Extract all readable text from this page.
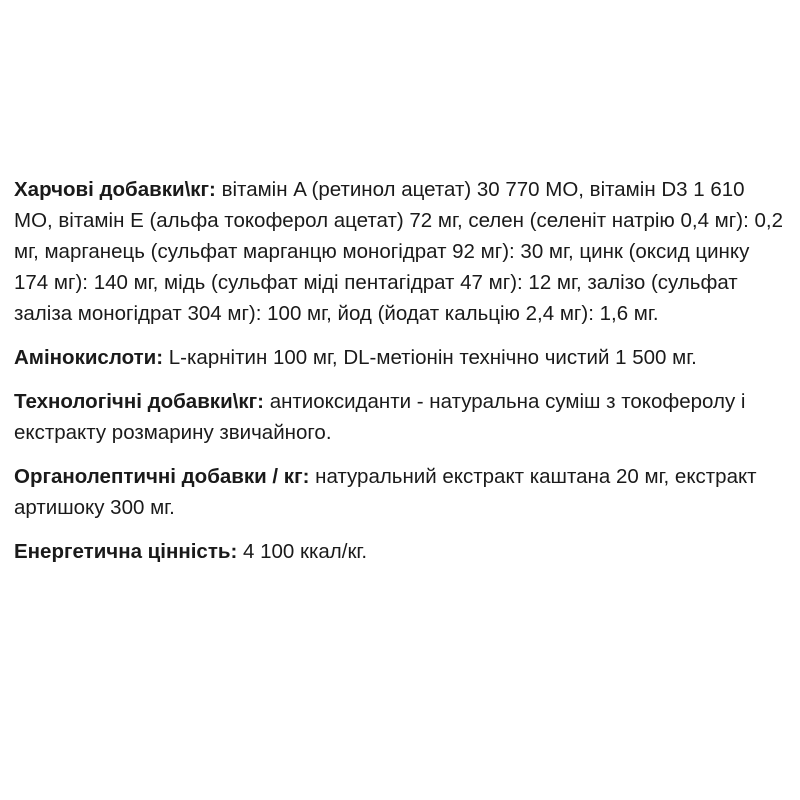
Харчові добавки\кг: вітамін A (ретинол ацетат) 30 770 МО, вітамін D3 1 610 МО, вітамін Е (альфа токоферол ацетат) 72 мг, селен (селеніт натрію 0,4 мг): 0,2 мг, марганець (сульфат марганцю моногідрат 92 мг): 30 мг, цинк (оксид цинку 174 мг): 140 мг, мідь (сульфат міді пентагідрат 47 мг): 12 мг, залізо (сульфат заліза моногідрат 304 мг): 100 мг, йод (йодат кальцію 2,4 мг): 1,6 мг.

Амінокислоти: L-карнітин 100 мг, DL-метіонін технічно чистий 1 500 мг.

Технологічні добавки\кг: антиоксиданти - натуральна суміш з токоферолу і екстракту розмарину звичайного.

Органолептичні добавки / кг: натуральний екстракт каштана 20 мг, екстракт артишоку 300 мг.

Енергетична цінність: 4 100 ккал/кг.
